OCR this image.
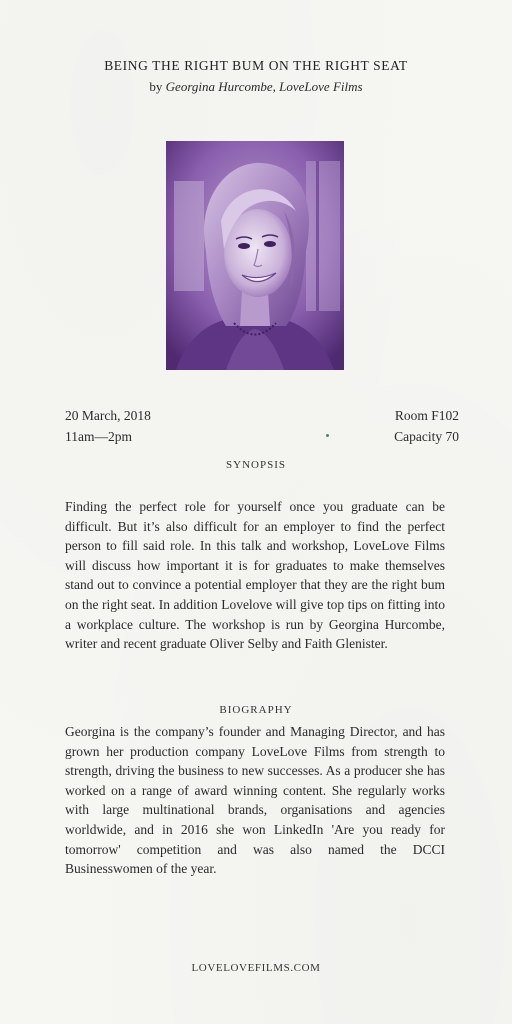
BEING THE RIGHT BUM ON THE RIGHT SEAT
by Georgina Hurcombe, LoveLove Films
20 March, 2018
11am—2pm
Room F102
Capacity 70
SYNOPSIS
Finding the perfect role for yourself once you graduate can be difficult. But it’s also difficult for an employer to find the perfect person to fill said role. In this talk and workshop, LoveLove Films will discuss how important it is for graduates to make themselves stand out to convince a potential employer that they are the right bum on the right seat. In addition Lovelove will give top tips on fitting into a workplace culture. The workshop is run by Georgina Hurcombe, writer and recent graduate Oliver Selby and Faith Glenister.
BIOGRAPHY
Georgina is the company’s founder and Managing Director, and has grown her production company LoveLove Films from strength to strength, driving the business to new successes. As a producer she has worked on a range of award winning content. She regularly works with large multinational brands, organisations and agencies worldwide, and in 2016 she won LinkedIn 'Are you ready for tomorrow' competition and was also named the DCCI Businesswomen of the year.
LOVELOVEFILMS.COM
